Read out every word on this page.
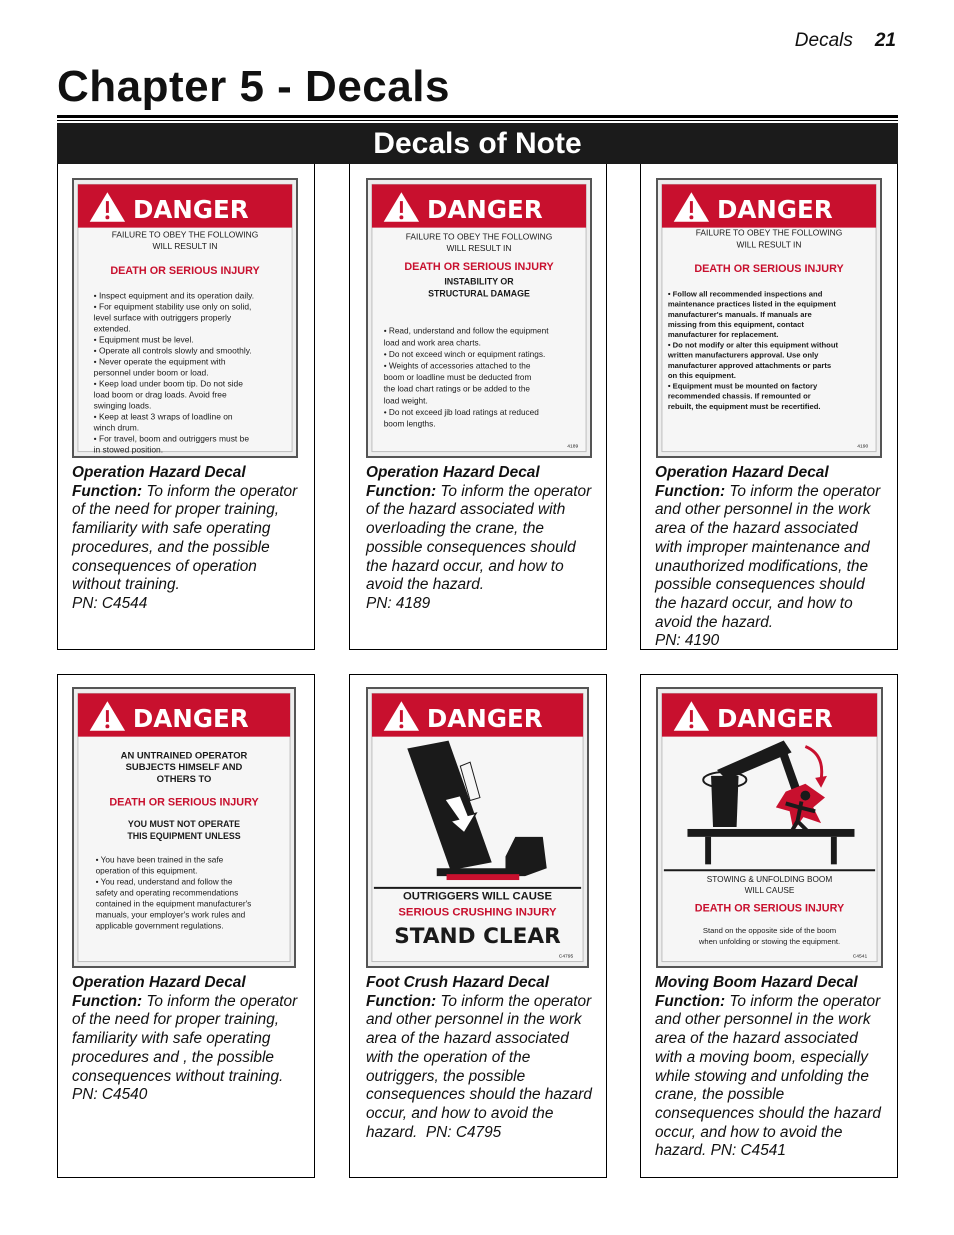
Decals 21
Chapter 5 - Decals
Decals of Note
DANGER
FAILURE TO OBEY THE FOLLOWING
WILL RESULT IN
DEATH OR SERIOUS INJURY
• Inspect equipment and its operation daily.
• For equipment stability use only on solid,
level surface with outriggers properly
extended.
• Equipment must be level.
• Operate all controls slowly and smoothly.
• Never operate the equipment with
personnel under boom or load.
• Keep load under boom tip. Do not side
load boom or drag loads. Avoid free
swinging loads.
• Keep at least 3 wraps of loadline on
winch drum.
• For travel, boom and outriggers must be
in stowed position.
DANGER
FAILURE TO OBEY THE FOLLOWING
WILL RESULT IN
DEATH OR SERIOUS INJURY
INSTABILITY OR
STRUCTURAL DAMAGE
• Read, understand and follow the equipment
load and work area charts.
• Do not exceed winch or equipment ratings.
• Weights of accessories attached to the
boom or loadline must be deducted from
the load chart ratings or be added to the
load weight.
• Do not exceed jib load ratings at reduced
boom lengths.
4189
DANGER
FAILURE TO OBEY THE FOLLOWING
WILL RESULT IN
DEATH OR SERIOUS INJURY
• Follow all recommended inspections and
maintenance practices listed in the equipment
manufacturer's manuals. If manuals are
missing from this equipment, contact
manufacturer for replacement.
• Do not modify or alter this equipment without
written manufacturers approval. Use only
manufacturer approved attachments or parts
on this equipment.
• Equipment must be mounted on factory
recommended chassis. If remounted or
rebuilt, the equipment must be recertified.
4190
DANGER
AN UNTRAINED OPERATOR
SUBJECTS HIMSELF AND
OTHERS TO
DEATH OR SERIOUS INJURY
YOU MUST NOT OPERATE
THIS EQUIPMENT UNLESS
• You have been trained in the safe
operation of this equipment.
• You read, understand and follow the
safety and operating recommendations
contained in the equipment manufacturer's
manuals, your employer's work rules and
applicable government regulations.
DANGER
OUTRIGGERS WILL CAUSE
SERIOUS CRUSHING INJURY
STAND CLEAR
C4795
DANGER
STOWING & UNFOLDING BOOM
WILL CAUSE
DEATH OR SERIOUS INJURY
Stand on the opposite side of the boom
when unfolding or stowing the equipment.
C4541
Operation Hazard Decal
Function: To inform the operator of the need for proper training, familiarity with safe operating procedures, and the possible consequences of operation without training.
PN: C4544
Operation Hazard Decal
Function: To inform the operator of the hazard associated with overloading the crane, the possible consequences should the hazard occur, and how to avoid the hazard.
PN: 4189
Operation Hazard Decal
Function: To inform the operator and other personnel in the work area of the hazard associated with improper maintenance and unauthorized modifications, the possible consequences should the hazard occur, and how to avoid the hazard.
PN: 4190
Operation Hazard Decal
Function: To inform the operator of the need for proper training, familiarity with safe operating procedures and , the possible consequences without training.
PN: C4540
Foot Crush Hazard Decal
Function: To inform the operator and other personnel in the work area of the hazard associated with the operation of the outriggers, the possible consequences should the hazard occur, and how to avoid the hazard. PN: C4795
Moving Boom Hazard Decal
Function: To inform the operator and other personnel in the work area of the hazard associated with a moving boom, especially while stowing and unfolding the crane, the possible consequences should the hazard occur, and how to avoid the hazard. PN: C4541
